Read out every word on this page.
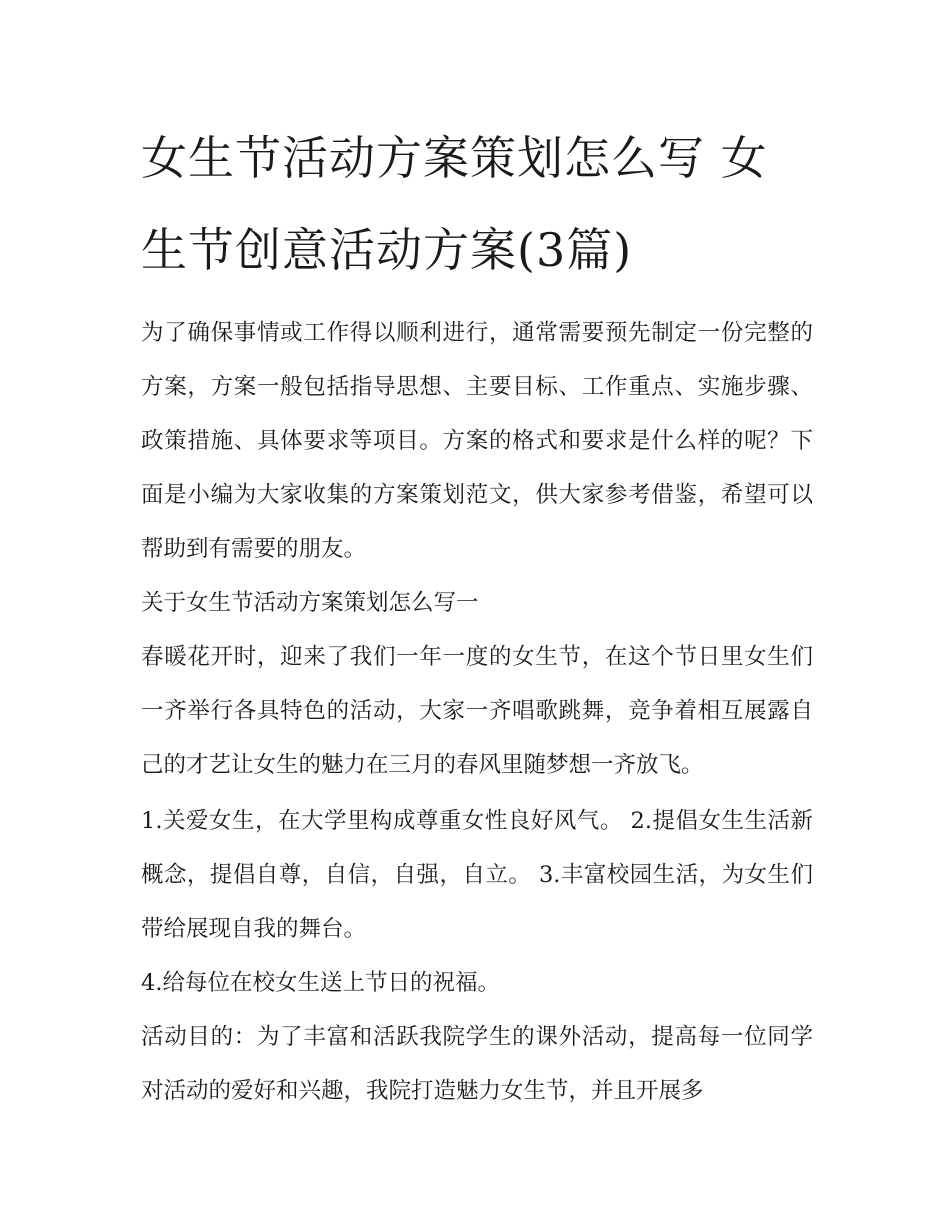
女生节活动方案策划怎么写 女生节创意活动方案(3篇)

为了确保事情或工作得以顺利进行，通常需要预先制定一份完整的方案，方案一般包括指导思想、主要目标、工作重点、实施步骤、政策措施、具体要求等项目。方案的格式和要求是什么样的呢？下面是小编为大家收集的方案策划范文，供大家参考借鉴，希望可以帮助到有需要的朋友。

关于女生节活动方案策划怎么写一

春暖花开时，迎来了我们一年一度的女生节，在这个节日里女生们一齐举行各具特色的活动，大家一齐唱歌跳舞，竞争着相互展露自己的才艺让女生的魅力在三月的春风里随梦想一齐放飞。

1.关爱女生，在大学里构成尊重女性良好风气。 2.提倡女生生活新概念，提倡自尊，自信，自强，自立。 3.丰富校园生活，为女生们带给展现自我的舞台。

4.给每位在校女生送上节日的祝福。

活动目的：为了丰富和活跃我院学生的课外活动，提高每一位同学对活动的爱好和兴趣，我院打造魅力女生节，并且开展多
